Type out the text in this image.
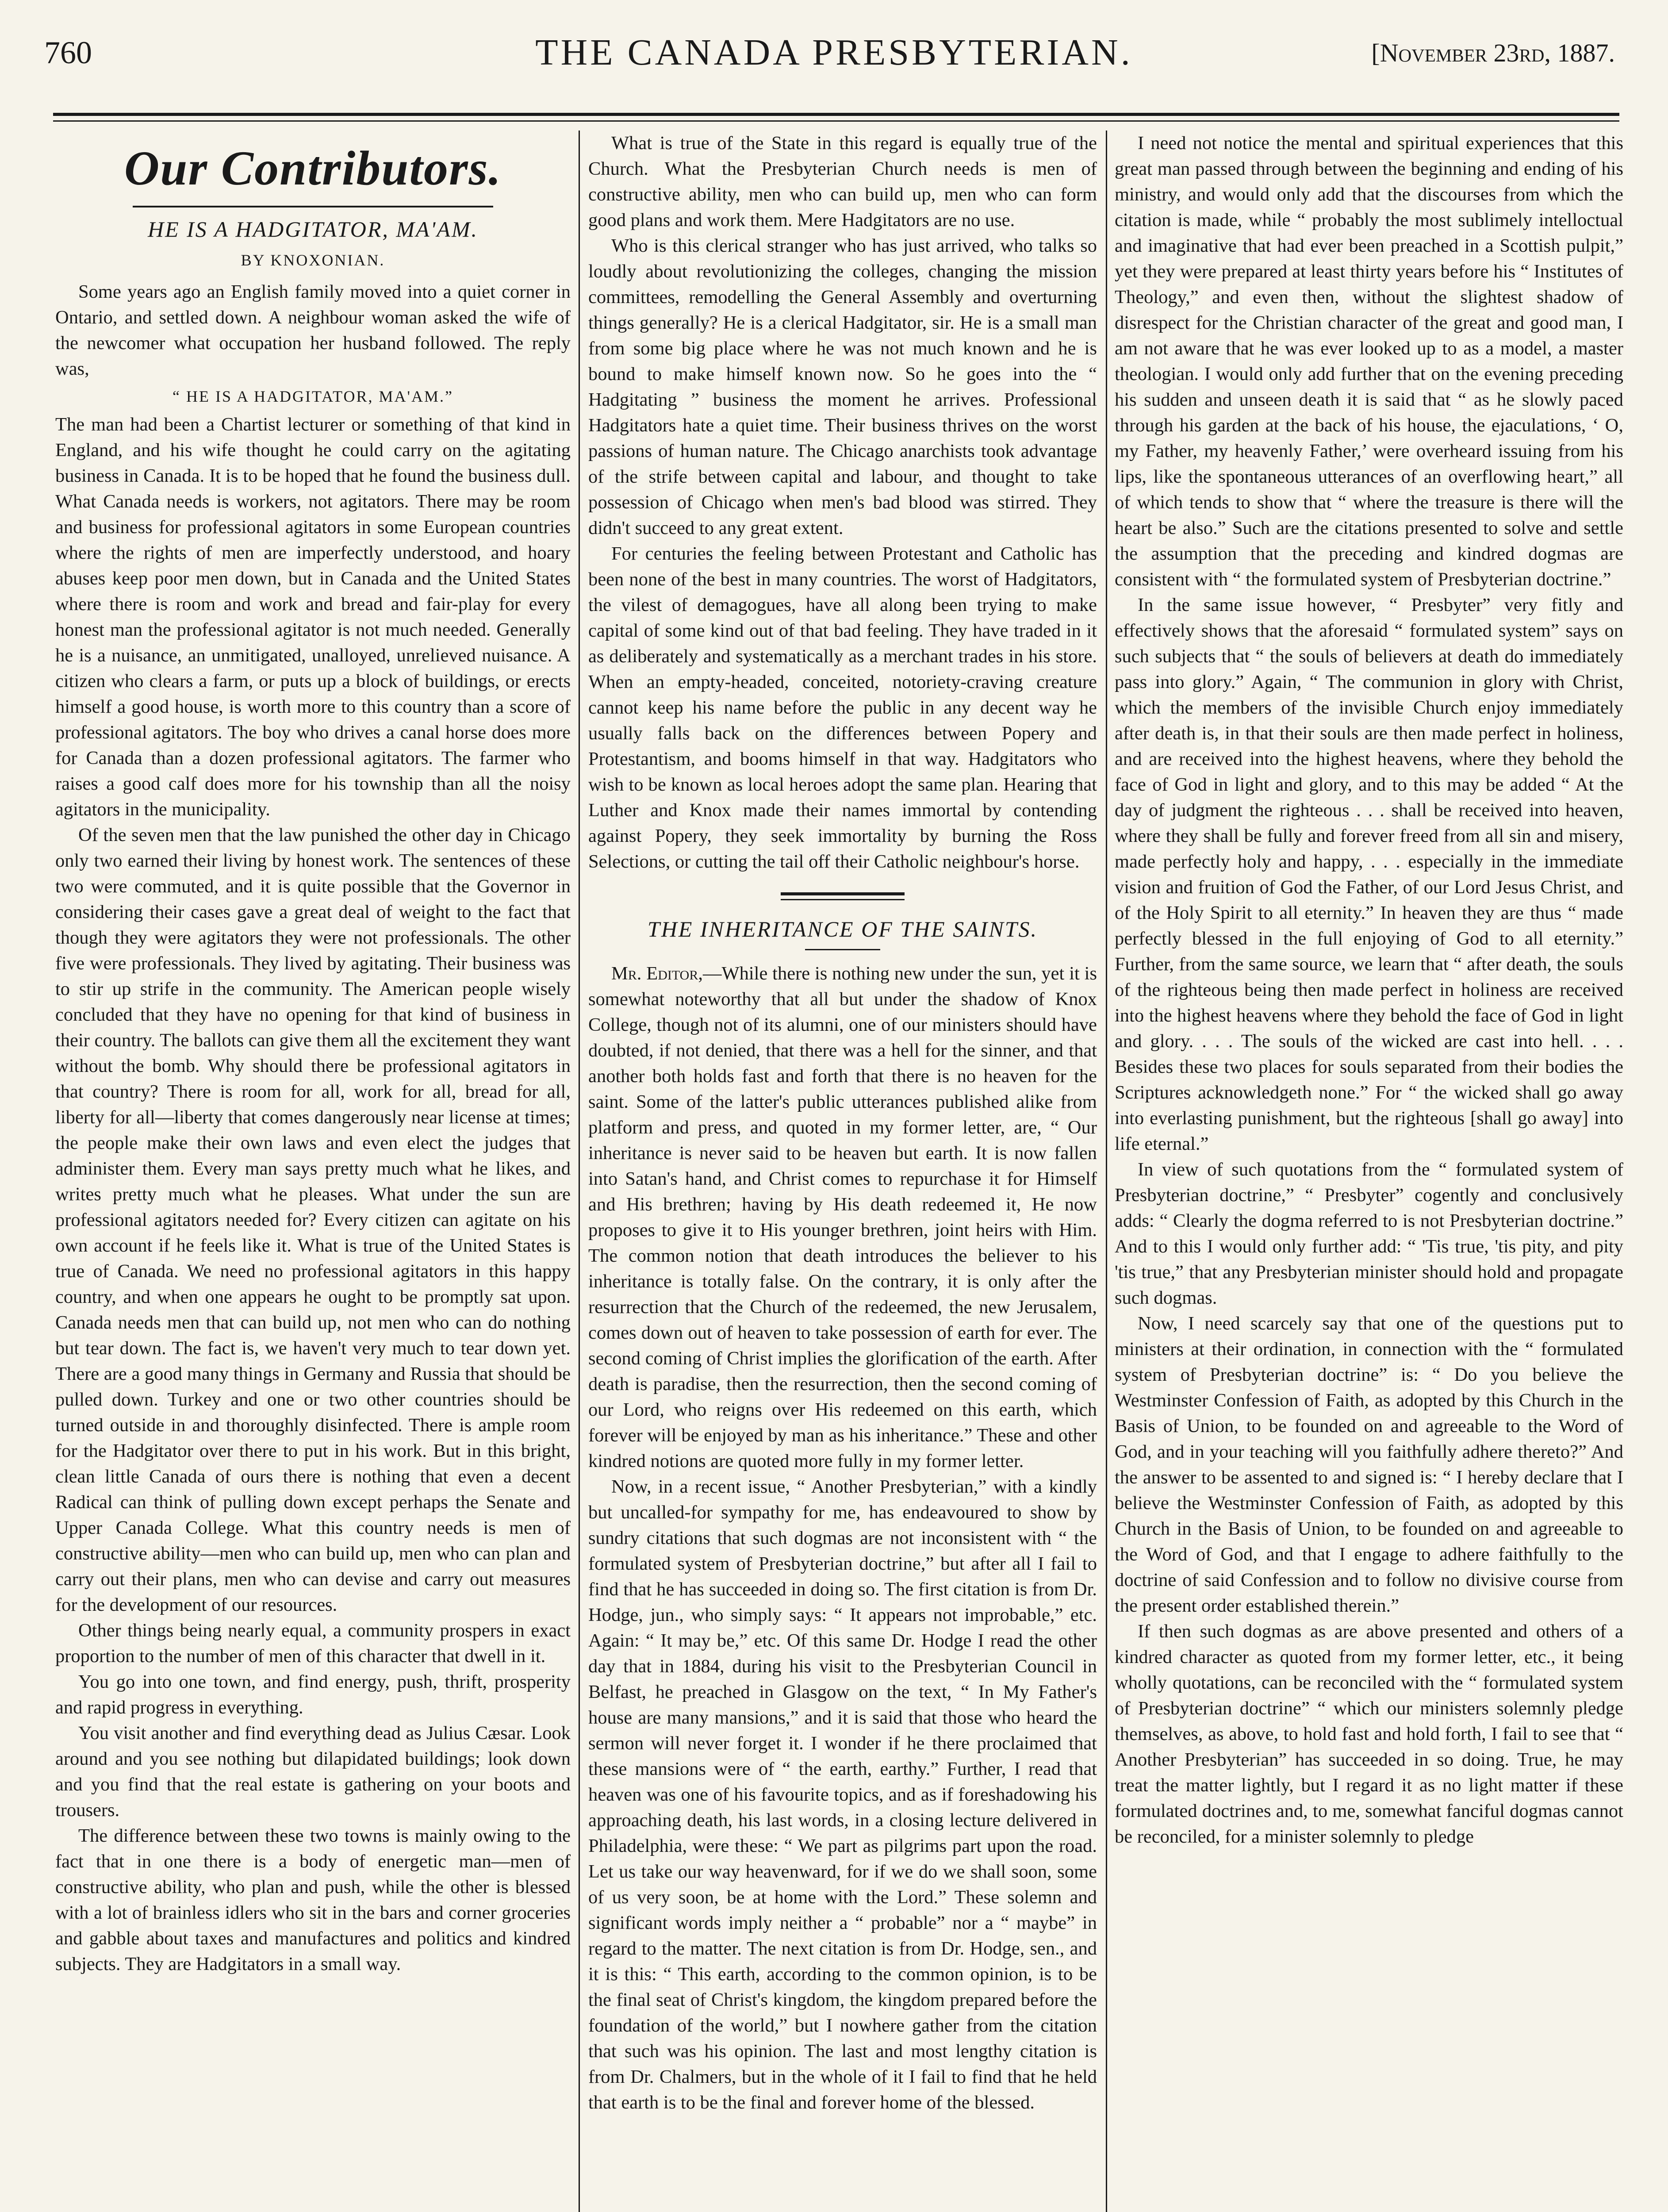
760	THE CANADA PRESBYTERIAN.	[November 23rd, 1887.
Our Contributors.
HE IS A HADGITATOR, MA'AM.
BY KNOXONIAN.

Some years ago an English family moved into a quiet corner in Ontario, and settled down. A neighbour woman asked the wife of the newcomer what occupation her husband followed. The reply was,

“ HE IS A HADGITATOR, MA'AM.”

The man had been a Chartist lecturer or something of that kind in England, and his wife thought he could carry on the agitating business in Canada. It is to be hoped that he found the business dull. What Canada needs is workers, not agitators. There may be room and business for professional agitators in some European countries where the rights of men are imperfectly understood, and hoary abuses keep poor men down, but in Canada and the United States where there is room and work and bread and fair-play for every honest man the professional agitator is not much needed. Generally he is a nuisance, an unmitigated, unalloyed, unrelieved nuisance. A citizen who clears a farm, or puts up a block of buildings, or erects himself a good house, is worth more to this country than a score of professional agitators. The boy who drives a canal horse does more for Canada than a dozen professional agitators. The farmer who raises a good calf does more for his township than all the noisy agitators in the municipality.

Of the seven men that the law punished the other day in Chicago only two earned their living by honest work. The sentences of these two were commuted, and it is quite possible that the Governor in considering their cases gave a great deal of weight to the fact that though they were agitators they were not professionals. The other five were professionals. They lived by agitating. Their business was to stir up strife in the community. The American people wisely concluded that they have no opening for that kind of business in their country. The ballots can give them all the excitement they want without the bomb. Why should there be professional agitators in that country? There is room for all, work for all, bread for all, liberty for all—liberty that comes dangerously near license at times; the people make their own laws and even elect the judges that administer them. Every man says pretty much what he likes, and writes pretty much what he pleases. What under the sun are professional agitators needed for? Every citizen can agitate on his own account if he feels like it. What is true of the United States is true of Canada. We need no professional agitators in this happy country, and when one appears he ought to be promptly sat upon. Canada needs men that can build up, not men who can do nothing but tear down. The fact is, we haven't very much to tear down yet. There are a good many things in Germany and Russia that should be pulled down. Turkey and one or two other countries should be turned outside in and thoroughly disinfected. There is ample room for the Hadgitator over there to put in his work. But in this bright, clean little Canada of ours there is nothing that even a decent Radical can think of pulling down except perhaps the Senate and Upper Canada College. What this country needs is men of constructive ability—men who can build up, men who can plan and carry out their plans, men who can devise and carry out measures for the development of our resources.

Other things being nearly equal, a community prospers in exact proportion to the number of men of this character that dwell in it.

You go into one town, and find energy, push, thrift, prosperity and rapid progress in everything.

You visit another and find everything dead as Julius Cæsar. Look around and you see nothing but dilapidated buildings; look down and you find that the real estate is gathering on your boots and trousers.

The difference between these two towns is mainly owing to the fact that in one there is a body of energetic man—men of constructive ability, who plan and push, while the other is blessed with a lot of brainless idlers who sit in the bars and corner groceries and gabble about taxes and manufactures and politics and kindred subjects. They are Hadgitators in a small way.

What is true of the State in this regard is equally true of the Church. What the Presbyterian Church needs is men of constructive ability, men who can build up, men who can form good plans and work them. Mere Hadgitators are no use.

Who is this clerical stranger who has just arrived, who talks so loudly about revolutionizing the colleges, changing the mission committees, remodelling the General Assembly and overturning things generally? He is a clerical Hadgitator, sir. He is a small man from some big place where he was not much known and he is bound to make himself known now. So he goes into the “ Hadgitating ” business the moment he arrives. Professional Hadgitators hate a quiet time. Their business thrives on the worst passions of human nature. The Chicago anarchists took advantage of the strife between capital and labour, and thought to take possession of Chicago when men's bad blood was stirred. They didn't succeed to any great extent.

For centuries the feeling between Protestant and Catholic has been none of the best in many countries. The worst of Hadgitators, the vilest of demagogues, have all along been trying to make capital of some kind out of that bad feeling. They have traded in it as deliberately and systematically as a merchant trades in his store. When an empty-headed, conceited, notoriety-craving creature cannot keep his name before the public in any decent way he usually falls back on the differences between Popery and Protestantism, and booms himself in that way. Hadgitators who wish to be known as local heroes adopt the same plan. Hearing that Luther and Knox made their names immortal by contending against Popery, they seek immortality by burning the Ross Selections, or cutting the tail off their Catholic neighbour's horse.

THE INHERITANCE OF THE SAINTS.

Mr. Editor,—While there is nothing new under the sun, yet it is somewhat noteworthy that all but under the shadow of Knox College, though not of its alumni, one of our ministers should have doubted, if not denied, that there was a hell for the sinner, and that another both holds fast and forth that there is no heaven for the saint. Some of the latter's public utterances published alike from platform and press, and quoted in my former letter, are, “ Our inheritance is never said to be heaven but earth. It is now fallen into Satan's hand, and Christ comes to repurchase it for Himself and His brethren; having by His death redeemed it, He now proposes to give it to His younger brethren, joint heirs with Him. The common notion that death introduces the believer to his inheritance is totally false. On the contrary, it is only after the resurrection that the Church of the redeemed, the new Jerusalem, comes down out of heaven to take possession of earth for ever. The second coming of Christ implies the glorification of the earth. After death is paradise, then the resurrection, then the second coming of our Lord, who reigns over His redeemed on this earth, which forever will be enjoyed by man as his inheritance.” These and other kindred notions are quoted more fully in my former letter.

Now, in a recent issue, “ Another Presbyterian,” with a kindly but uncalled-for sympathy for me, has endeavoured to show by sundry citations that such dogmas are not inconsistent with “ the formulated system of Presbyterian doctrine,” but after all I fail to find that he has succeeded in doing so. The first citation is from Dr. Hodge, jun., who simply says: “ It appears not improbable,” etc. Again: “ It may be,” etc. Of this same Dr. Hodge I read the other day that in 1884, during his visit to the Presbyterian Council in Belfast, he preached in Glasgow on the text, “ In My Father's house are many mansions,” and it is said that those who heard the sermon will never forget it. I wonder if he there proclaimed that these mansions were of “ the earth, earthy.” Further, I read that heaven was one of his favourite topics, and as if foreshadowing his approaching death, his last words, in a closing lecture delivered in Philadelphia, were these: “ We part as pilgrims part upon the road. Let us take our way heavenward, for if we do we shall soon, some of us very soon, be at home with the Lord.” These solemn and significant words imply neither a “ probable” nor a “ maybe” in regard to the matter. The next citation is from Dr. Hodge, sen., and it is this: “ This earth, according to the common opinion, is to be the final seat of Christ's kingdom, the kingdom prepared before the foundation of the world,” but I nowhere gather from the citation that such was his opinion. The last and most lengthy citation is from Dr. Chalmers, but in the whole of it I fail to find that he held that earth is to be the final and forever home of the blessed.

I need not notice the mental and spiritual experiences that this great man passed through between the beginning and ending of his ministry, and would only add that the discourses from which the citation is made, while “ probably the most sublimely intelloctual and imaginative that had ever been preached in a Scottish pulpit,” yet they were prepared at least thirty years before his “ Institutes of Theology,” and even then, without the slightest shadow of disrespect for the Christian character of the great and good man, I am not aware that he was ever looked up to as a model, a master theologian. I would only add further that on the evening preceding his sudden and unseen death it is said that “ as he slowly paced through his garden at the back of his house, the ejaculations, ‘ O, my Father, my heavenly Father,’ were overheard issuing from his lips, like the spontaneous utterances of an overflowing heart,” all of which tends to show that “ where the treasure is there will the heart be also.” Such are the citations presented to solve and settle the assumption that the preceding and kindred dogmas are consistent with “ the formulated system of Presbyterian doctrine.”

In the same issue however, “ Presbyter” very fitly and effectively shows that the aforesaid “ formulated system” says on such subjects that “ the souls of believers at death do immediately pass into glory.” Again, “ The communion in glory with Christ, which the members of the invisible Church enjoy immediately after death is, in that their souls are then made perfect in holiness, and are received into the highest heavens, where they behold the face of God in light and glory, and to this may be added “ At the day of judgment the righteous . . . shall be received into heaven, where they shall be fully and forever freed from all sin and misery, made perfectly holy and happy, . . . especially in the immediate vision and fruition of God the Father, of our Lord Jesus Christ, and of the Holy Spirit to all eternity.” In heaven they are thus “ made perfectly blessed in the full enjoying of God to all eternity.” Further, from the same source, we learn that “ after death, the souls of the righteous being then made perfect in holiness are received into the highest heavens where they behold the face of God in light and glory. . . . The souls of the wicked are cast into hell. . . . Besides these two places for souls separated from their bodies the Scriptures acknowledgeth none.” For “ the wicked shall go away into everlasting punishment, but the righteous [shall go away] into life eternal.”

In view of such quotations from the “ formulated system of Presbyterian doctrine,” “ Presbyter” cogently and conclusively adds: “ Clearly the dogma referred to is not Presbyterian doctrine.” And to this I would only further add: “ 'Tis true, 'tis pity, and pity 'tis true,” that any Presbyterian minister should hold and propagate such dogmas.

Now, I need scarcely say that one of the questions put to ministers at their ordination, in connection with the “ formulated system of Presbyterian doctrine” is: “ Do you believe the Westminster Confession of Faith, as adopted by this Church in the Basis of Union, to be founded on and agreeable to the Word of God, and in your teaching will you faithfully adhere thereto?” And the answer to be assented to and signed is: “ I hereby declare that I believe the Westminster Confession of Faith, as adopted by this Church in the Basis of Union, to be founded on and agreeable to the Word of God, and that I engage to adhere faithfully to the doctrine of said Confession and to follow no divisive course from the present order established therein.”

If then such dogmas as are above presented and others of a kindred character as quoted from my former letter, etc., it being wholly quotations, can be reconciled with the “ formulated system of Presbyterian doctrine” “ which our ministers solemnly pledge themselves, as above, to hold fast and hold forth, I fail to see that “ Another Presbyterian” has succeeded in so doing. True, he may treat the matter lightly, but I regard it as no light matter if these formulated doctrines and, to me, somewhat fanciful dogmas cannot be reconciled, for a minister solemnly to pledge
